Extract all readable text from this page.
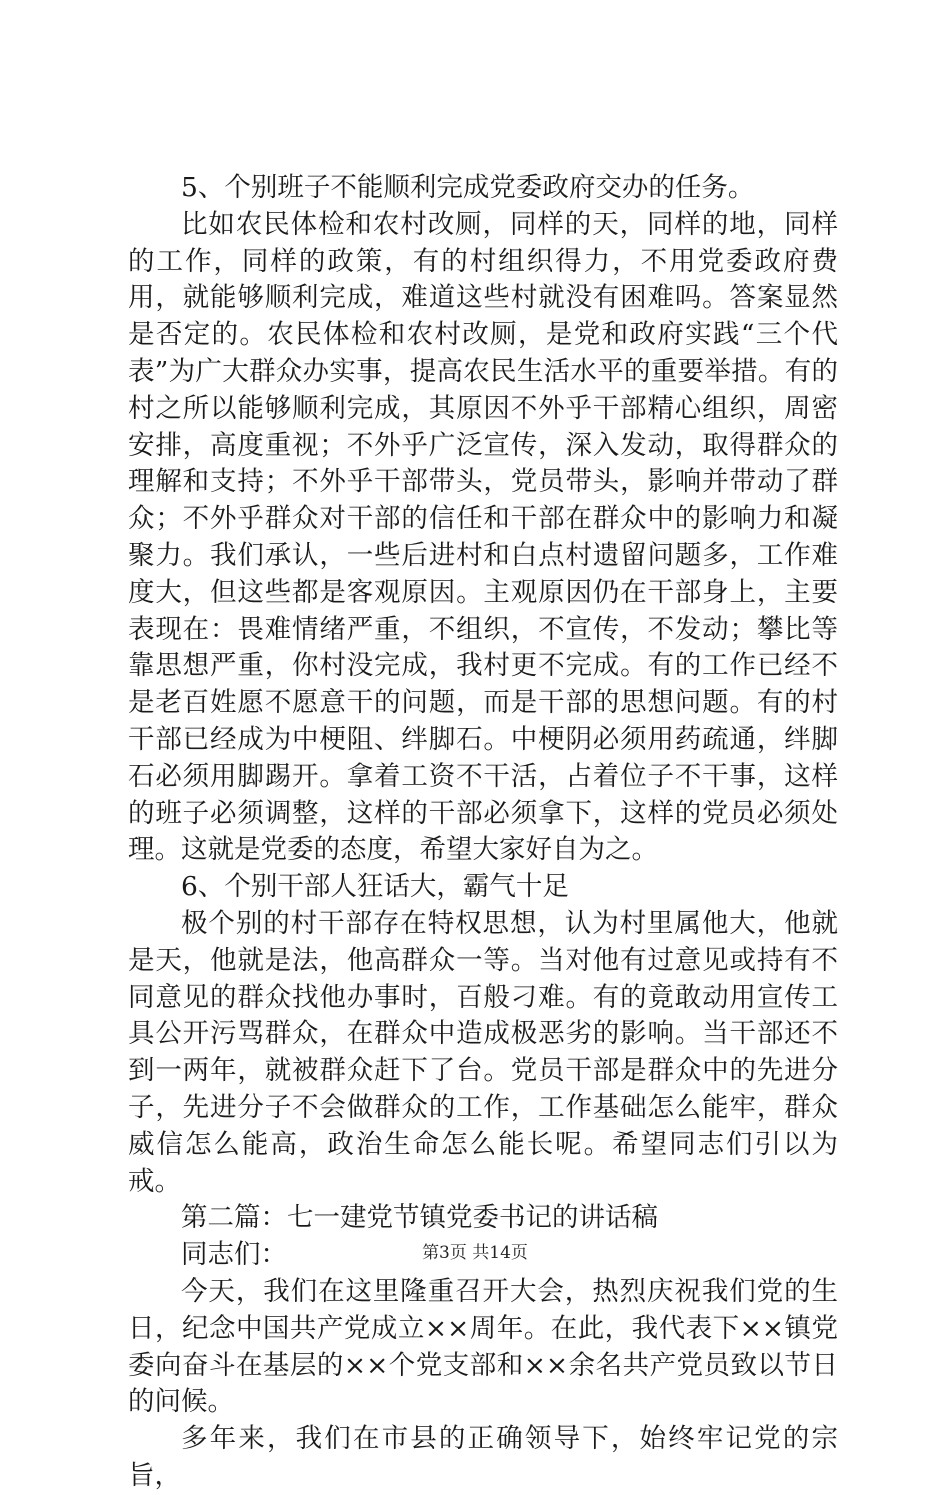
5、个别班子不能顺利完成党委政府交办的任务。

比如农民体检和农村改厕，同样的天，同样的地，同样的工作，同样的政策，有的村组织得力，不用党委政府费用，就能够顺利完成，难道这些村就没有困难吗。答案显然是否定的。农民体检和农村改厕，是党和政府实践“三个代表”为广大群众办实事，提高农民生活水平的重要举措。有的村之所以能够顺利完成，其原因不外乎干部精心组织，周密安排，高度重视；不外乎广泛宣传，深入发动，取得群众的理解和支持；不外乎干部带头，党员带头，影响并带动了群众；不外乎群众对干部的信任和干部在群众中的影响力和凝聚力。我们承认，一些后进村和白点村遗留问题多，工作难度大，但这些都是客观原因。主观原因仍在干部身上，主要表现在：畏难情绪严重，不组织，不宣传，不发动；攀比等靠思想严重，你村没完成，我村更不完成。有的工作已经不是老百姓愿不愿意干的问题，而是干部的思想问题。有的村干部已经成为中梗阻、绊脚石。中梗阴必须用药疏通，绊脚石必须用脚踢开。拿着工资不干活，占着位子不干事，这样的班子必须调整，这样的干部必须拿下，这样的党员必须处理。这就是党委的态度，希望大家好自为之。

6、个别干部人狂话大，霸气十足

极个别的村干部存在特权思想，认为村里属他大，他就是天，他就是法，他高群众一等。当对他有过意见或持有不同意见的群众找他办事时，百般刁难。有的竟敢动用宣传工具公开污骂群众，在群众中造成极恶劣的影响。当干部还不到一两年，就被群众赶下了台。党员干部是群众中的先进分子，先进分子不会做群众的工作，工作基础怎么能牢，群众威信怎么能高，政治生命怎么能长呢。希望同志们引以为戒。

第二篇：七一建党节镇党委书记的讲话稿

同志们：

今天，我们在这里隆重召开大会，热烈庆祝我们党的生日，纪念中国共产党成立××周年。在此，我代表下××镇党委向奋斗在基层的××个党支部和××余名共产党员致以节日的问候。

多年来，我们在市县的正确领导下，始终牢记党的宗旨，

第3页 共14页
